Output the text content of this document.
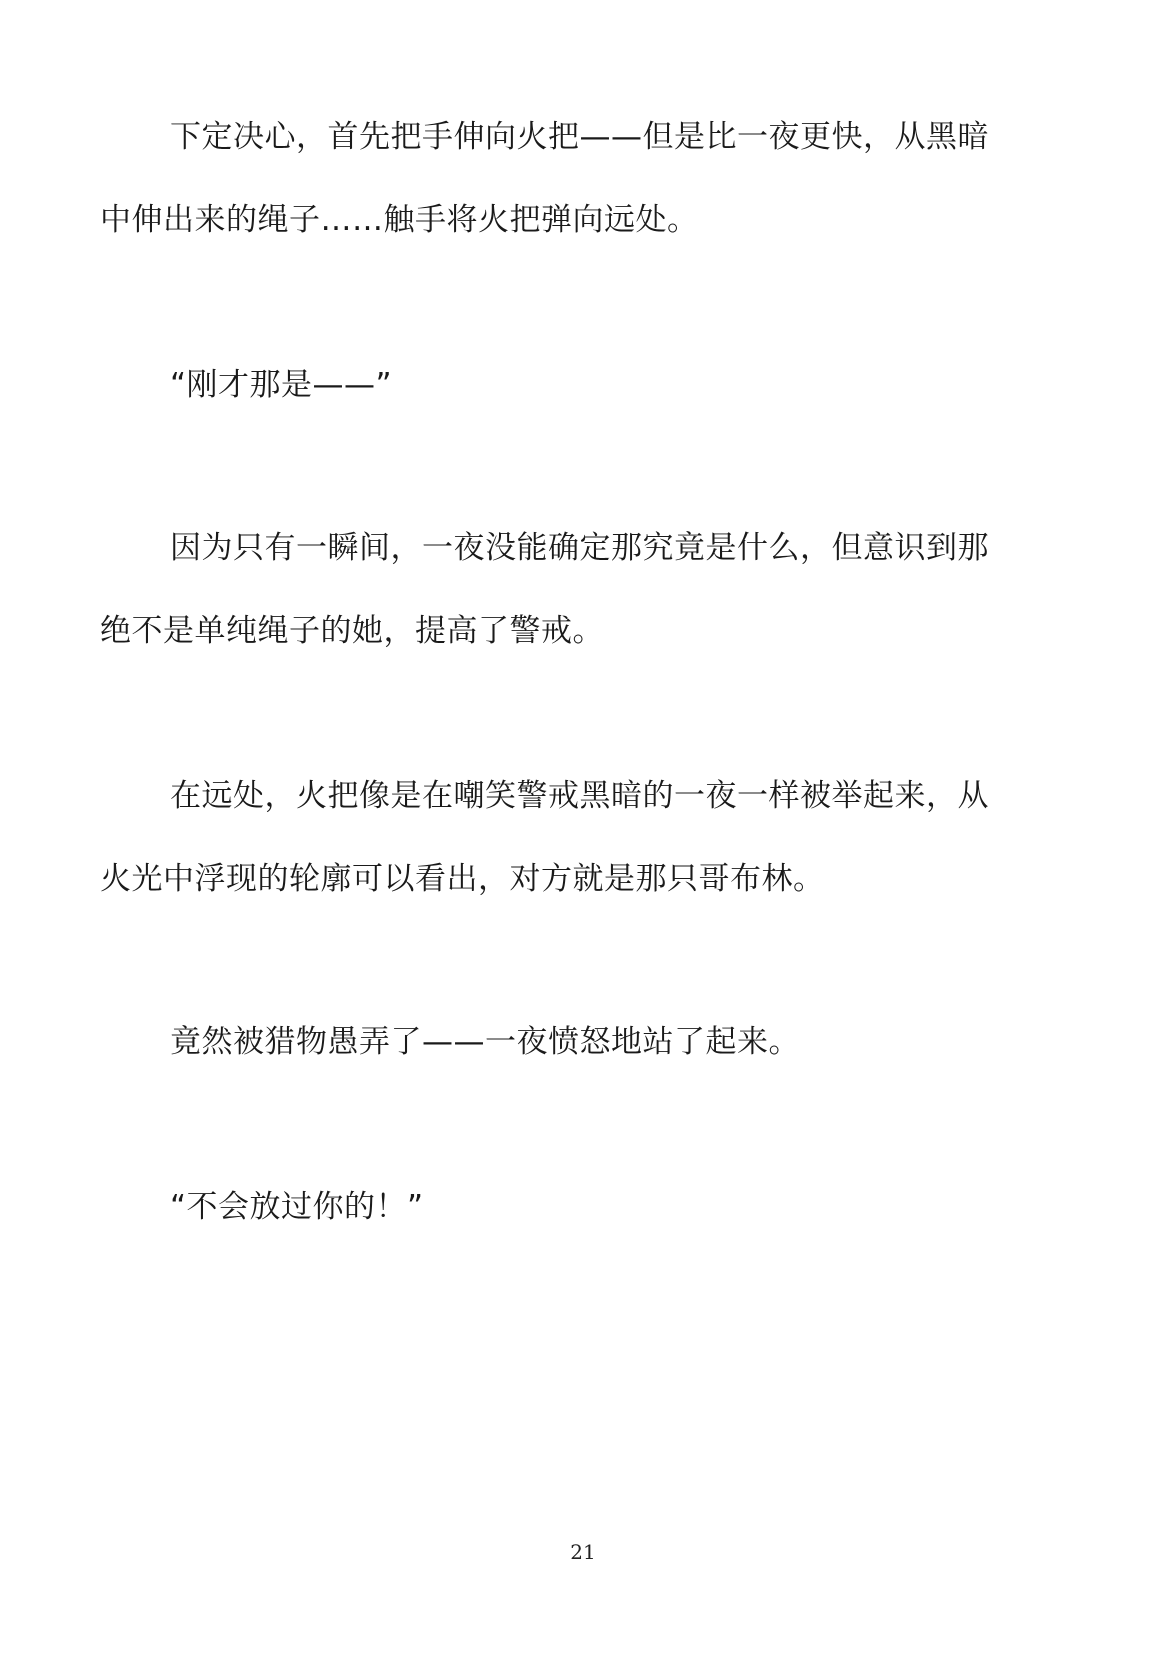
下定决心，首先把手伸向火把——但是比一夜更快，从黑暗
中伸出来的绳子……触手将火把弹向远处。
“刚才那是——”
因为只有一瞬间，一夜没能确定那究竟是什么，但意识到那
绝不是单纯绳子的她，提高了警戒。
在远处，火把像是在嘲笑警戒黑暗的一夜一样被举起来，从
火光中浮现的轮廓可以看出，对方就是那只哥布林。
竟然被猎物愚弄了——一夜愤怒地站了起来。
“不会放过你的！”
21
